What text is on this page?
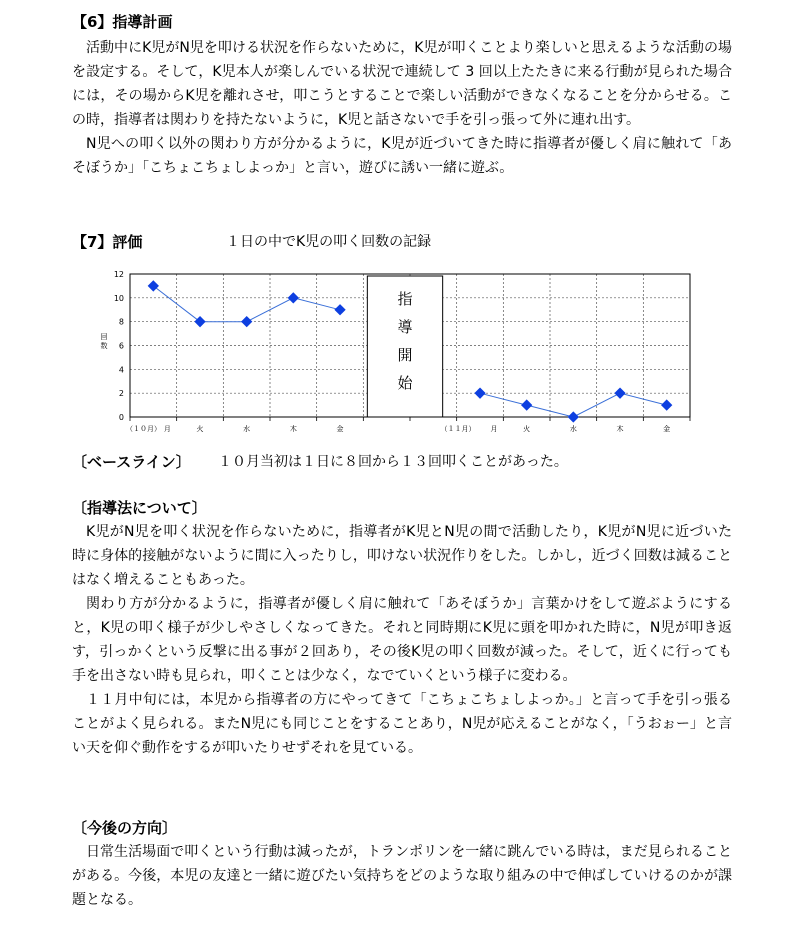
【6】指導計画

活動中にK児がN児を叩ける状況を作らないために，K児が叩くことより楽しいと思えるような活動の場を設定する。そして，K児本人が楽しんでいる状況で連続して 3 回以上たたきに来る行動が見られた場合には，その場からK児を離れさせ，叩こうとすることで楽しい活動ができなくなることを分からせる。この時，指導者は関わりを持たないように，K児と話さないで手を引っ張って外に連れ出す。

N児への叩く以外の関わり方が分かるように，K児が近づいてきた時に指導者が優しく肩に触れて「あそぼうか」「こちょこちょしよっか」と言い，遊びに誘い一緒に遊ぶ。

【7】評価	１日の中でK児の叩く回数の記録
0
2
4
6
8
10
12
回
数
月	火	水	木	金
（１０月）	月	火	水	木	金
（１１月）
指
導
開
始
〔ベースライン〕 １０月当初は１日に８回から１３回叩くことがあった。
〔指導法について〕

K児がN児を叩く状況を作らないために，指導者がK児とN児の間で活動したり，K児がN児に近づいた時に身体的接触がないように間に入ったりし，叩けない状況作りをした。しかし，近づく回数は減ることはなく増えることもあった。

関わり方が分かるように，指導者が優しく肩に触れて「あそぼうか」言葉かけをして遊ぶようにすると，K児の叩く様子が少しやさしくなってきた。それと同時期にK児に頭を叩かれた時に，N児が叩き返す，引っかくという反撃に出る事が２回あり，その後K児の叩く回数が減った。そして，近くに行っても手を出さない時も見られ，叩くことは少なく，なでていくという様子に変わる。

１１月中旬には，本児から指導者の方にやってきて「こちょこちょしよっか。」と言って手を引っ張ることがよく見られる。またN児にも同じことをすることあり，N児が応えることがなく，「うおぉー」と言い天を仰ぐ動作をするが叩いたりせずそれを見ている。

〔今後の方向〕

日常生活場面で叩くという行動は減ったが，トランポリンを一緒に跳んでいる時は，まだ見られることがある。今後，本児の友達と一緒に遊びたい気持ちをどのような取り組みの中で伸ばしていけるのかが課題となる。
